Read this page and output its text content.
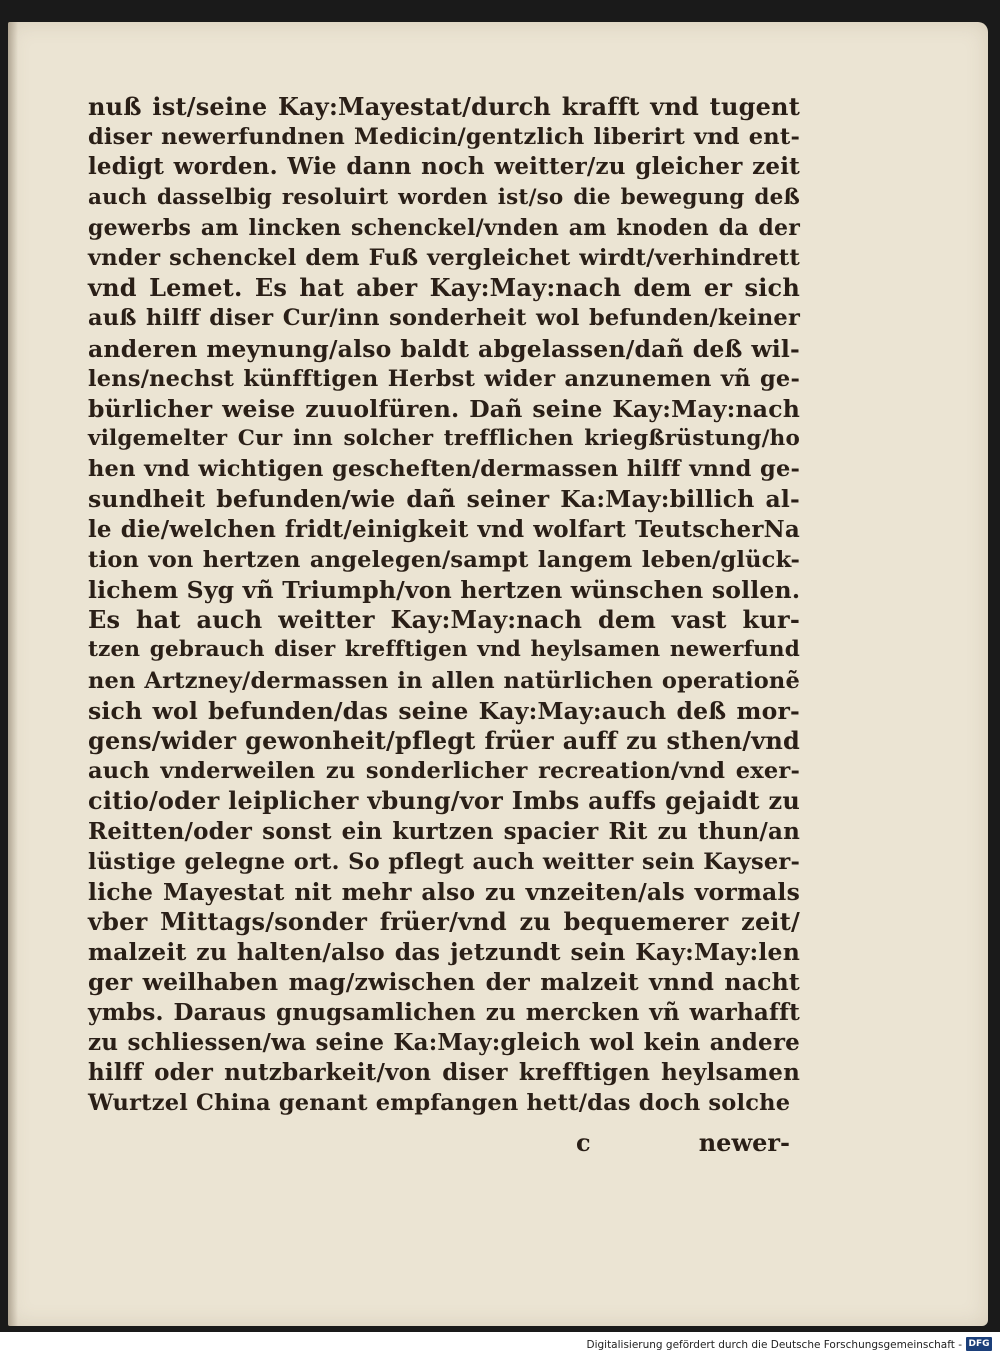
nuß ist/seine Kay:Mayestat/durch krafft vnd tugent
diser newerfundnen Medicin/gentzlich liberirt vnd ent-
ledigt worden. Wie dann noch weitter/zu gleicher zeit
auch dasselbig resoluirt worden ist/so die bewegung deß
gewerbs am lincken schenckel/vnden am knoden da der
vnder schenckel dem Fuß vergleichet wirdt/verhindrett
vnd Lemet. Es hat aber Kay:May:nach dem er sich
auß hilff diser Cur/inn sonderheit wol befunden/keiner
anderen meynung/also baldt abgelassen/dañ deß wil-
lens/nechst künfftigen Herbst wider anzunemen vñ ge-
bürlicher weise zuuolfüren. Dañ seine Kay:May:nach
vilgemelter Cur inn solcher trefflichen kriegßrüstung/ho
hen vnd wichtigen gescheften/dermassen hilff vnnd ge-
sundheit befunden/wie dañ seiner Ka:May:billich al-
le die/welchen fridt/einigkeit vnd wolfart TeutscherNa
tion von hertzen angelegen/sampt langem leben/glück-
lichem Syg vñ Triumph/von hertzen wünschen sollen.
Es hat auch weitter Kay:May:nach dem vast kur-
tzen gebrauch diser krefftigen vnd heylsamen newerfund
nen Artzney/dermassen in allen natürlichen operationẽ
sich wol befunden/das seine Kay:May:auch deß mor-
gens/wider gewonheit/pflegt früer auff zu sthen/vnd
auch vnderweilen zu sonderlicher recreation/vnd exer-
citio/oder leiplicher vbung/vor Imbs auffs gejaidt zu
Reitten/oder sonst ein kurtzen spacier Rit zu thun/an
lüstige gelegne ort. So pflegt auch weitter sein Kayser-
liche Mayestat nit mehr also zu vnzeiten/als vormals
vber Mittags/sonder früer/vnd zu bequemerer zeit/
malzeit zu halten/also das jetzundt sein Kay:May:len
ger weilhaben mag/zwischen der malzeit vnnd nacht
ymbs. Daraus gnugsamlichen zu mercken vñ warhafft
zu schliessen/wa seine Ka:May:gleich wol kein andere
hilff oder nutzbarkeit/von diser krefftigen heylsamen
Wurtzel China genant empfangen hett/das doch solche
c	newer-
Digitalisierung gefördert durch die Deutsche Forschungsgemeinschaft - DFG
